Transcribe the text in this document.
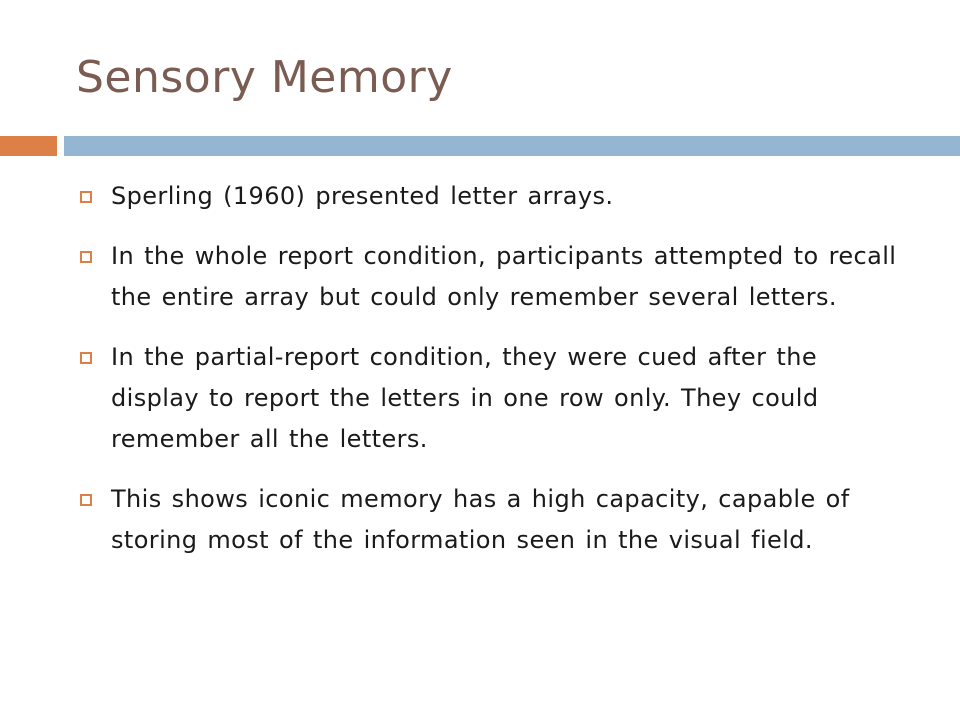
Sensory Memory
Sperling (1960) presented letter arrays.
In the whole report condition, participants attempted to recall the entire array but could only remember several letters.
In the partial-report condition, they were cued after the display to report the letters in one row only. They could remember all the letters.
This shows iconic memory has a high capacity, capable of storing most of the information seen in the visual field.
